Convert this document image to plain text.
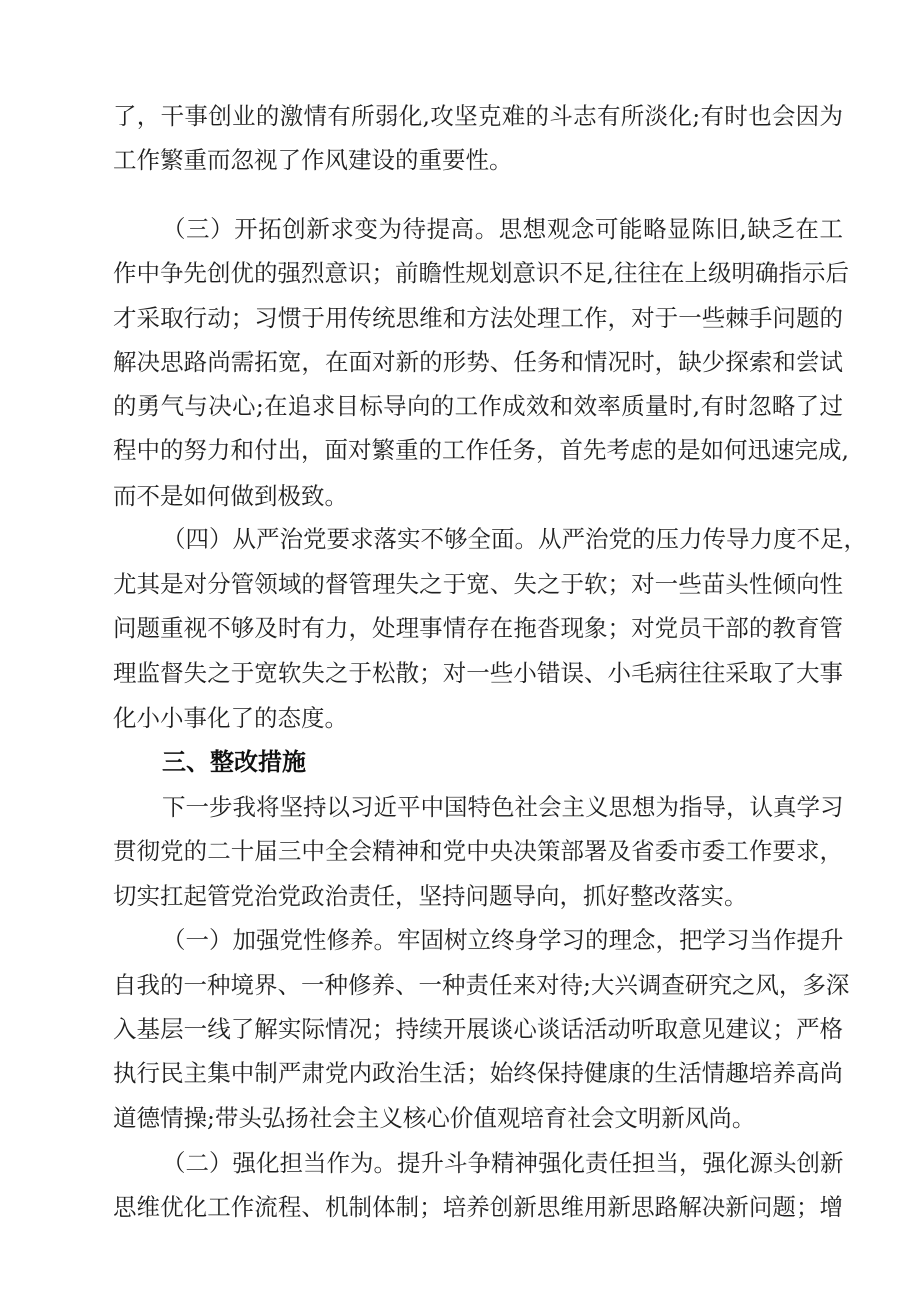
了，干事创业的激情有所弱化,攻坚克难的斗志有所淡化;有时也会因为
工作繁重而忽视了作风建设的重要性。
（三）开拓创新求变为待提高。思想观念可能略显陈旧,缺乏在工
作中争先创优的强烈意识；前瞻性规划意识不足,往往在上级明确指示后
才采取行动；习惯于用传统思维和方法处理工作，对于一些棘手问题的
解决思路尚需拓宽，在面对新的形势、任务和情况时，缺少探索和尝试
的勇气与决心;在追求目标导向的工作成效和效率质量时,有时忽略了过
程中的努力和付出，面对繁重的工作任务，首先考虑的是如何迅速完成,
而不是如何做到极致。
（四）从严治党要求落实不够全面。从严治党的压力传导力度不足，
尤其是对分管领域的督管理失之于宽、失之于软；对一些苗头性倾向性
问题重视不够及时有力，处理事情存在拖沓现象；对党员干部的教育管
理监督失之于宽软失之于松散；对一些小错误、小毛病往往采取了大事
化小小事化了的态度。
三、整改措施
下一步我将坚持以习近平中国特色社会主义思想为指导，认真学习
贯彻党的二十届三中全会精神和党中央决策部署及省委市委工作要求，
切实扛起管党治党政治责任，坚持问题导向，抓好整改落实。
（一）加强党性修养。牢固树立终身学习的理念，把学习当作提升
自我的一种境界、一种修养、一种责任来对待;大兴调查研究之风，多深
入基层一线了解实际情况；持续开展谈心谈话活动听取意见建议；严格
执行民主集中制严肃党内政治生活；始终保持健康的生活情趣培养高尚
道德情操;带头弘扬社会主义核心价值观培育社会文明新风尚。
（二）强化担当作为。提升斗争精神强化责任担当，强化源头创新
思维优化工作流程、机制体制；培养创新思维用新思路解决新问题；增
